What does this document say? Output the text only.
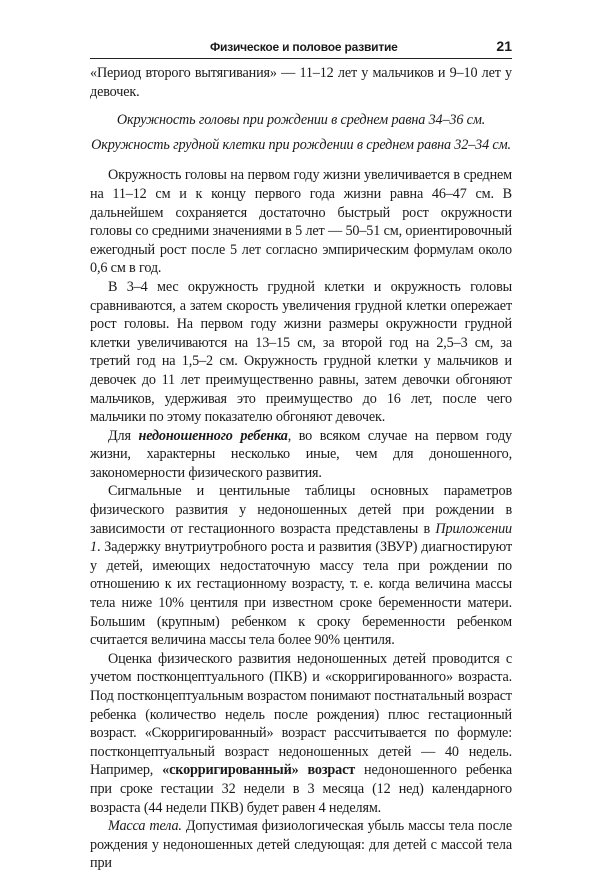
Физическое и половое развитие	21

«Период второго вытягивания» — 11–12 лет у мальчиков и 9–10 лет у девочек.

Окружность головы при рождении в среднем равна 34–36 см.

Окружность грудной клетки при рождении в среднем равна 32–34 см.

Окружность головы на первом году жизни увеличивается в среднем на 11–12 см и к концу первого года жизни равна 46–47 см. В дальнейшем сохраняется достаточно быстрый рост окружности головы со средними значениями в 5 лет — 50–51 см, ориентировочный ежегодный рост после 5 лет согласно эмпирическим формулам около 0,6 см в год.

В 3–4 мес окружность грудной клетки и окружность головы сравниваются, а затем скорость увеличения грудной клетки опережает рост головы. На первом году жизни размеры окружности грудной клетки увеличиваются на 13–15 см, за второй год на 2,5–3 см, за третий год на 1,5–2 см. Окружность грудной клетки у мальчиков и девочек до 11 лет преимущественно равны, затем девочки обгоняют мальчиков, удерживая это преимущество до 16 лет, после чего мальчики по этому показателю обгоняют девочек.

Для недоношенного ребенка, во всяком случае на первом году жизни, характерны несколько иные, чем для доношенного, закономерности физического развития.

Сигмальные и центильные таблицы основных параметров физического развития у недоношенных детей при рождении в зависимости от гестационного возраста представлены в Приложении 1. Задержку внутриутробного роста и развития (ЗВУР) диагностируют у детей, имеющих недостаточную массу тела при рождении по отношению к их гестационному возрасту, т. е. когда величина массы тела ниже 10% центиля при известном сроке беременности матери. Большим (крупным) ребенком к сроку беременности ребенком считается величина массы тела более 90% центиля.

Оценка физического развития недоношенных детей проводится с учетом постконцептуального (ПКВ) и «скорригированного» возраста. Под постконцептуальным возрастом понимают постнатальный возраст ребенка (количество недель после рождения) плюс гестационный возраст. «Скорригированный» возраст рассчитывается по формуле: постконцептуальный возраст недоношенных детей — 40 недель. Например, «скорригированный» возраст недоношенного ребенка при сроке гестации 32 недели в 3 месяца (12 нед) календарного возраста (44 недели ПКВ) будет равен 4 неделям.

Масса тела. Допустимая физиологическая убыль массы тела после рождения у недоношенных детей следующая: для детей с массой тела при
